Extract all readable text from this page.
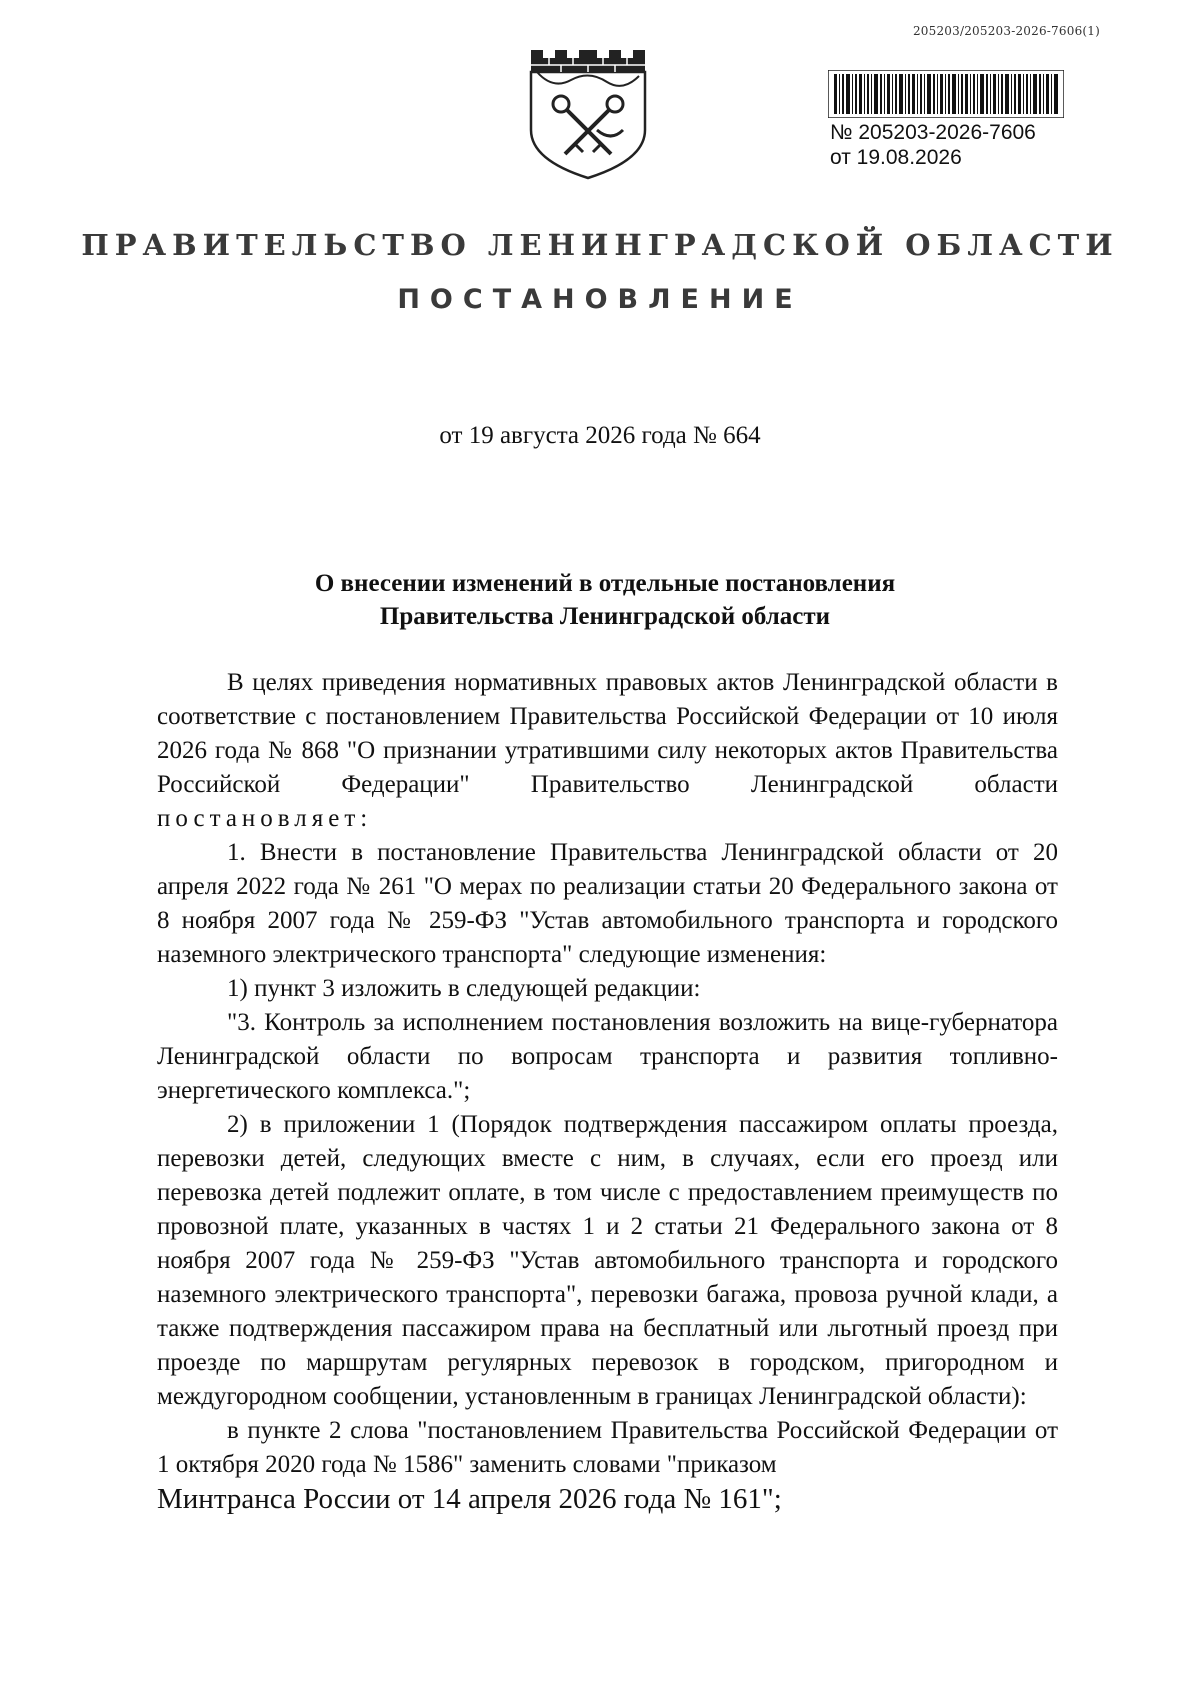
205203/205203-2026-7606(1)
№ 205203-2026-7606
от 19.08.2026
ПРАВИТЕЛЬСТВО ЛЕНИНГРАДСКОЙ ОБЛАСТИ
ПОСТАНОВЛЕНИЕ
от 19 августа 2026 года № 664
О внесении изменений в отдельные постановления
Правительства Ленинградской области

В целях приведения нормативных правовых актов Ленинградской области в соответствие с постановлением Правительства Российской Федерации от 10 июля 2026 года № 868 "О признании утратившими силу некоторых актов Правительства Российской Федерации" Правительство Ленинградской области постановляет:

1. Внести в постановление Правительства Ленинградской области от 20 апреля 2022 года № 261 "О мерах по реализации статьи 20 Федерального закона от 8 ноября 2007 года № 259-ФЗ "Устав автомобильного транспорта и городского наземного электрического транспорта" следующие изменения:

1) пункт 3 изложить в следующей редакции:

"3. Контроль за исполнением постановления возложить на вице-губернатора Ленинградской области по вопросам транспорта и развития топливно-энергетического комплекса.";

2) в приложении 1 (Порядок подтверждения пассажиром оплаты проезда, перевозки детей, следующих вместе с ним, в случаях, если его проезд или перевозка детей подлежит оплате, в том числе с предоставлением преимуществ по провозной плате, указанных в частях 1 и 2 статьи 21 Федерального закона от 8 ноября 2007 года № 259-ФЗ "Устав автомобильного транспорта и городского наземного электрического транспорта", перевозки багажа, провоза ручной клади, а также подтверждения пассажиром права на бесплатный или льготный проезд при проезде по маршрутам регулярных перевозок в городском, пригородном и междугородном сообщении, установленным в границах Ленинградской области):

в пункте 2 слова "постановлением Правительства Российской Федерации от 1 октября 2020 года № 1586" заменить словами "приказом

Минтранса России от 14 апреля 2026 года № 161";
